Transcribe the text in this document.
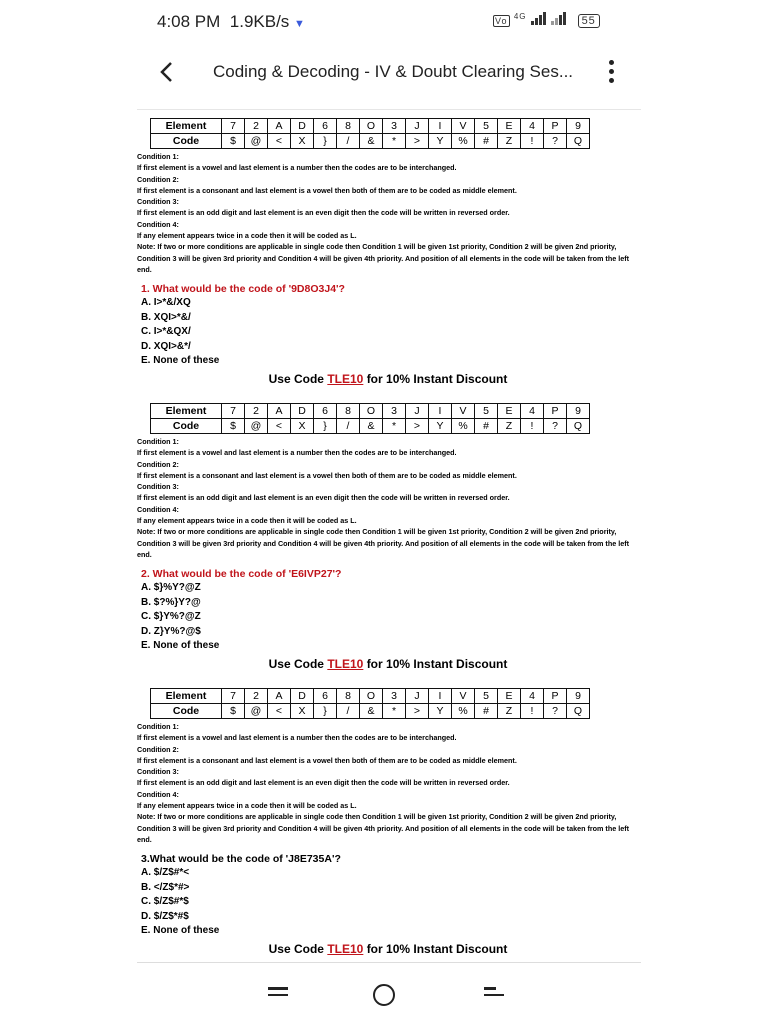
4:08 PM 1.9KB/s ▼	Vo $^{4G}$	55
Coding & Decoding - IV & Doubt Clearing Ses...
Element	7	2	A	D	6	8	O	3	J	I	V	5	E	4	P	9
Code	$	@	<	X	}	/	&	*	>	Y	%	#	Z	!	?	Q

Condition 1:

If first element is a vowel and last element is a number then the codes are to be interchanged.

Condition 2:

If first element is a consonant and last element is a vowel then both of them are to be coded as middle element.

Condition 3:

If first element is an odd digit and last element is an even digit then the code will be written in reversed order.

Condition 4:

If any element appears twice in a code then it will be coded as L.

Note: If two or more conditions are applicable in single code then Condition 1 will be given 1st priority, Condition 2 will be given 2nd priority, Condition 3 will be given 3rd priority and Condition 4 will be given 4th priority. And position of all elements in the code will be taken from the left end.

1. What would be the code of '9D8O3J4'?
A. I>*&/XQ
B. XQI>*&/
C. I>*&QX/
D. XQI>&*/
E. None of these
Use Code TLE10 for 10% Instant Discount
Element	7	2	A	D	6	8	O	3	J	I	V	5	E	4	P	9
Code	$	@	<	X	}	/	&	*	>	Y	%	#	Z	!	?	Q

Condition 1:

If first element is a vowel and last element is a number then the codes are to be interchanged.

Condition 2:

If first element is a consonant and last element is a vowel then both of them are to be coded as middle element.

Condition 3:

If first element is an odd digit and last element is an even digit then the code will be written in reversed order.

Condition 4:

If any element appears twice in a code then it will be coded as L.

Note: If two or more conditions are applicable in single code then Condition 1 will be given 1st priority, Condition 2 will be given 2nd priority, Condition 3 will be given 3rd priority and Condition 4 will be given 4th priority. And position of all elements in the code will be taken from the left end.

2. What would be the code of 'E6IVP27'?
A. $}%Y?@Z
B. $?%}Y?@
C. $}Y%?@Z
D. Z}Y%?@$
E. None of these
Use Code TLE10 for 10% Instant Discount
Element	7	2	A	D	6	8	O	3	J	I	V	5	E	4	P	9
Code	$	@	<	X	}	/	&	*	>	Y	%	#	Z	!	?	Q

Condition 1:

If first element is a vowel and last element is a number then the codes are to be interchanged.

Condition 2:

If first element is a consonant and last element is a vowel then both of them are to be coded as middle element.

Condition 3:

If first element is an odd digit and last element is an even digit then the code will be written in reversed order.

Condition 4:

If any element appears twice in a code then it will be coded as L.

Note: If two or more conditions are applicable in single code then Condition 1 will be given 1st priority, Condition 2 will be given 2nd priority, Condition 3 will be given 3rd priority and Condition 4 will be given 4th priority. And position of all elements in the code will be taken from the left end.

3.What would be the code of 'J8E735A'?
A. $/Z$#*<
B. </Z$*#>
C. $/Z$#*$
D. $/Z$*#$
E. None of these
Use Code TLE10 for 10% Instant Discount
